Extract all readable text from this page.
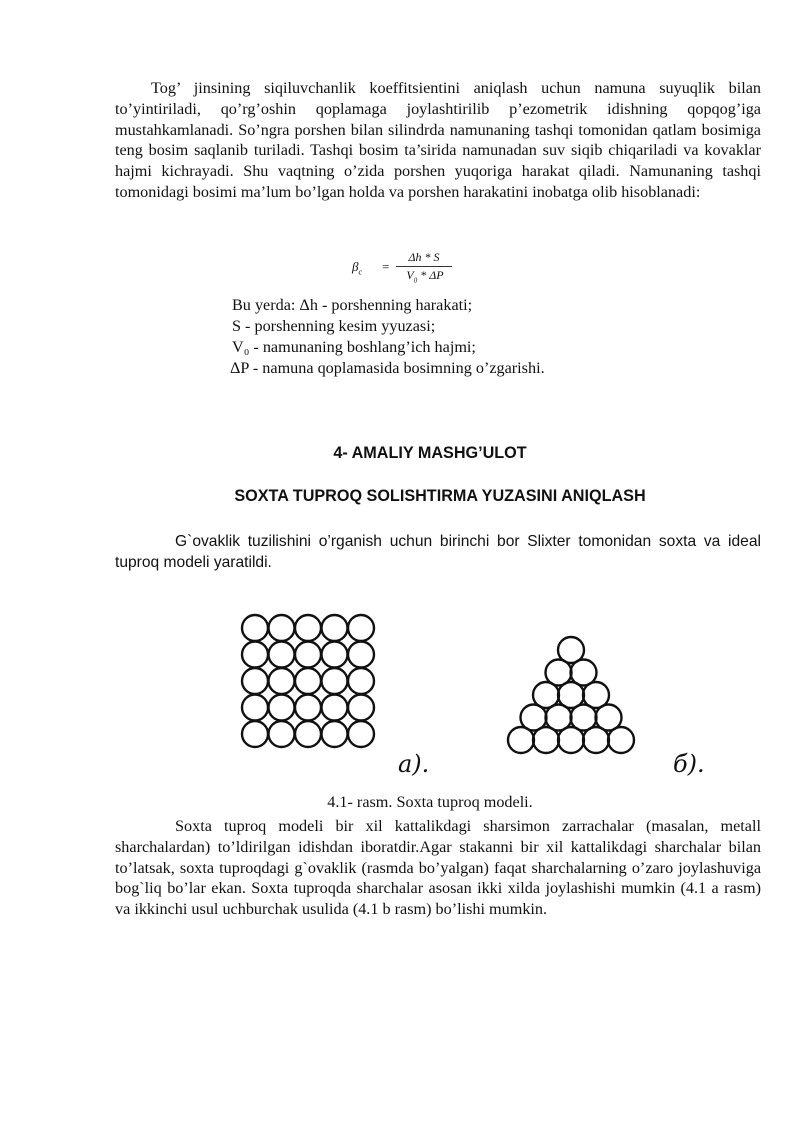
Tog’ jinsining siqiluvchanlik koeffitsientini aniqlash uchun namuna suyuqlik bilan to’yintiriladi, qo’rg’oshin qoplamaga joylashtirilib p’ezometrik idishning qopqog’iga mustahkamlanadi. So’ngra porshen bilan silindrda namunaning tashqi tomonidan qatlam bosimiga teng bosim saqlanib turiladi. Tashqi bosim ta’sirida namunadan suv siqib chiqariladi va kovaklar hajmi kichrayadi. Shu vaqtning o’zida porshen yuqoriga harakat qiladi. Namunaning tashqi tomonidagi bosimi ma’lum bo’lgan holda va porshen harakatini inobatga olib hisoblanadi:

$\beta_c$ =
Δh * S
$V_0$ * ΔP
Bu yerda: Δh - porshenning harakati;
S - porshenning kesim yyuzasi;
V₀ - namunaning boshlang’ich hajmi;
ΔP - namuna qoplamasida bosimning o’zgarishi.
4- AMALIY MASHG’ULOT
SOXTA TUPROQ SOLISHTIRMA YUZASINI ANIQLASH

G`ovaklik tuzilishini o’rganish uchun birinchi bor Slixter tomonidan soxta va ideal tuproq modeli yaratildi.

a).	б).
4.1- rasm. Soxta tuproq modeli.

Soxta tuproq modeli bir xil kattalikdagi sharsimon zarrachalar (masalan, metall sharchalardan) to’ldirilgan idishdan iboratdir.Agar stakanni bir xil kattalikdagi sharchalar bilan to’latsak, soxta tuproqdagi g`ovaklik (rasmda bo’yalgan) faqat sharchalarning o’zaro joylashuviga bog`liq bo’lar ekan. Soxta tuproqda sharchalar asosan ikki xilda joylashishi mumkin (4.1 a rasm) va ikkinchi usul uchburchak usulida (4.1 b rasm) bo’lishi mumkin.
